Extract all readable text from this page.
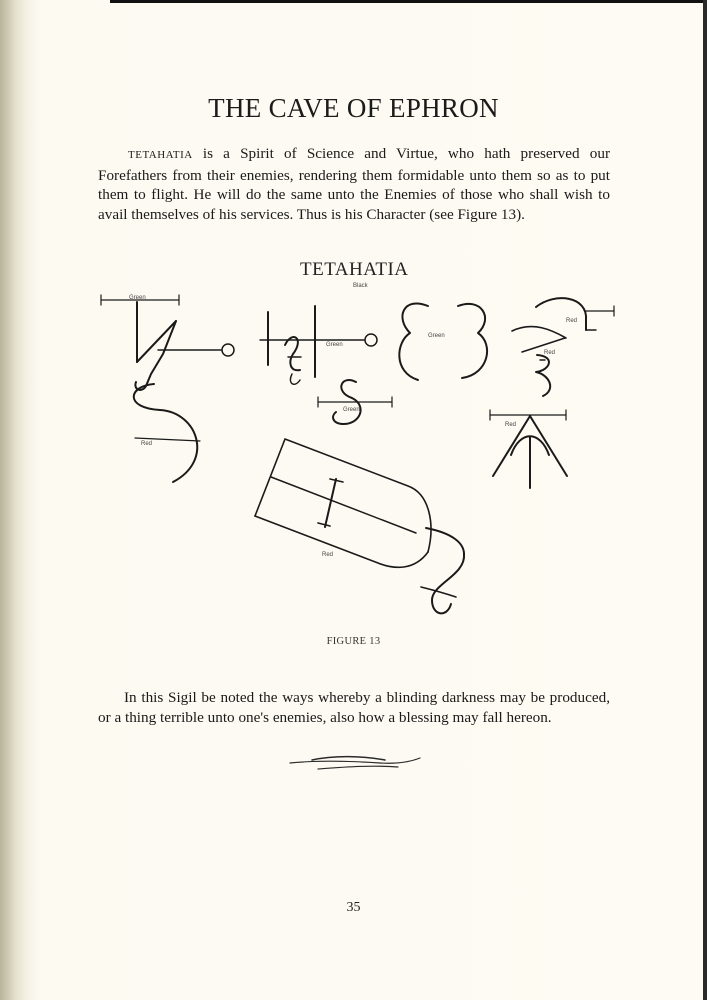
THE CAVE OF EPHRON

TETAHATIA is a Spirit of Science and Virtue, who hath preserved our Forefathers from their enemies, rendering them formidable unto them so as to put them to flight. He will do the same unto the Enemies of those who shall wish to avail themselves of his services. Thus is his Character (see Figure 13).

TETAHATIA
Black
Green
Green
Green
Green
Red
Red
Red
Red
Red
FIGURE 13

In this Sigil be noted the ways whereby a blinding darkness may be produced, or a thing terrible unto one's enemies, also how a blessing may fall hereon.

35
